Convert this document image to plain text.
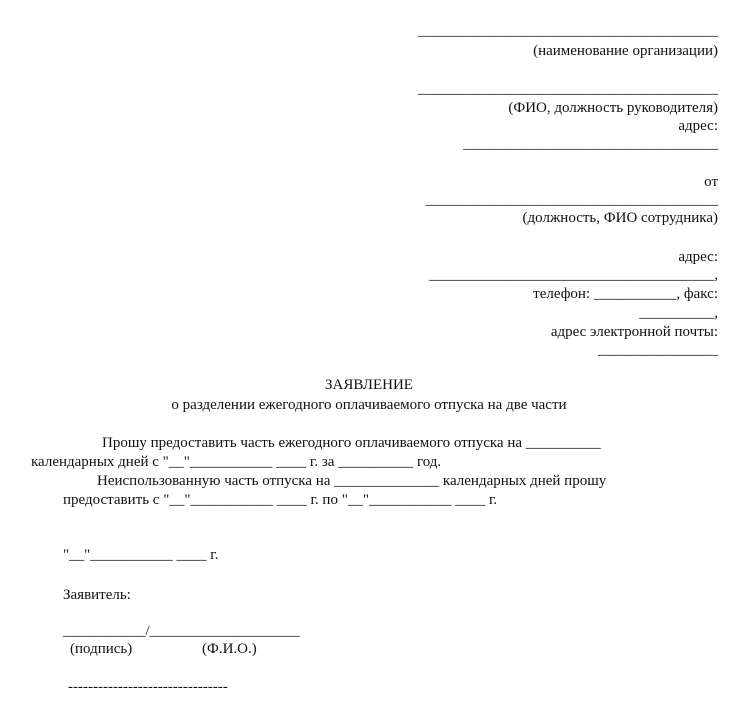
________________________________________
(наименование организации)
________________________________________
(ФИО, должность руководителя)
адрес:
__________________________________
от
_______________________________________
(должность, ФИО сотрудника)
адрес:
______________________________________,
телефон: ___________, факс:
__________,
адрес электронной почты:
________________
ЗАЯВЛЕНИЕ
о разделении ежегодного оплачиваемого отпуска на две части
Прошу предоставить часть ежегодного оплачиваемого отпуска на __________
календарных дней с "__"___________ ____ г. за __________ год.
Неиспользованную часть отпуска на ______________ календарных дней прошу
предоставить с "__"___________ ____ г. по "__"___________ ____ г.
"__"___________ ____ г.
Заявитель:
___________/____________________
(подпись)	(Ф.И.О.)
--------------------------------
